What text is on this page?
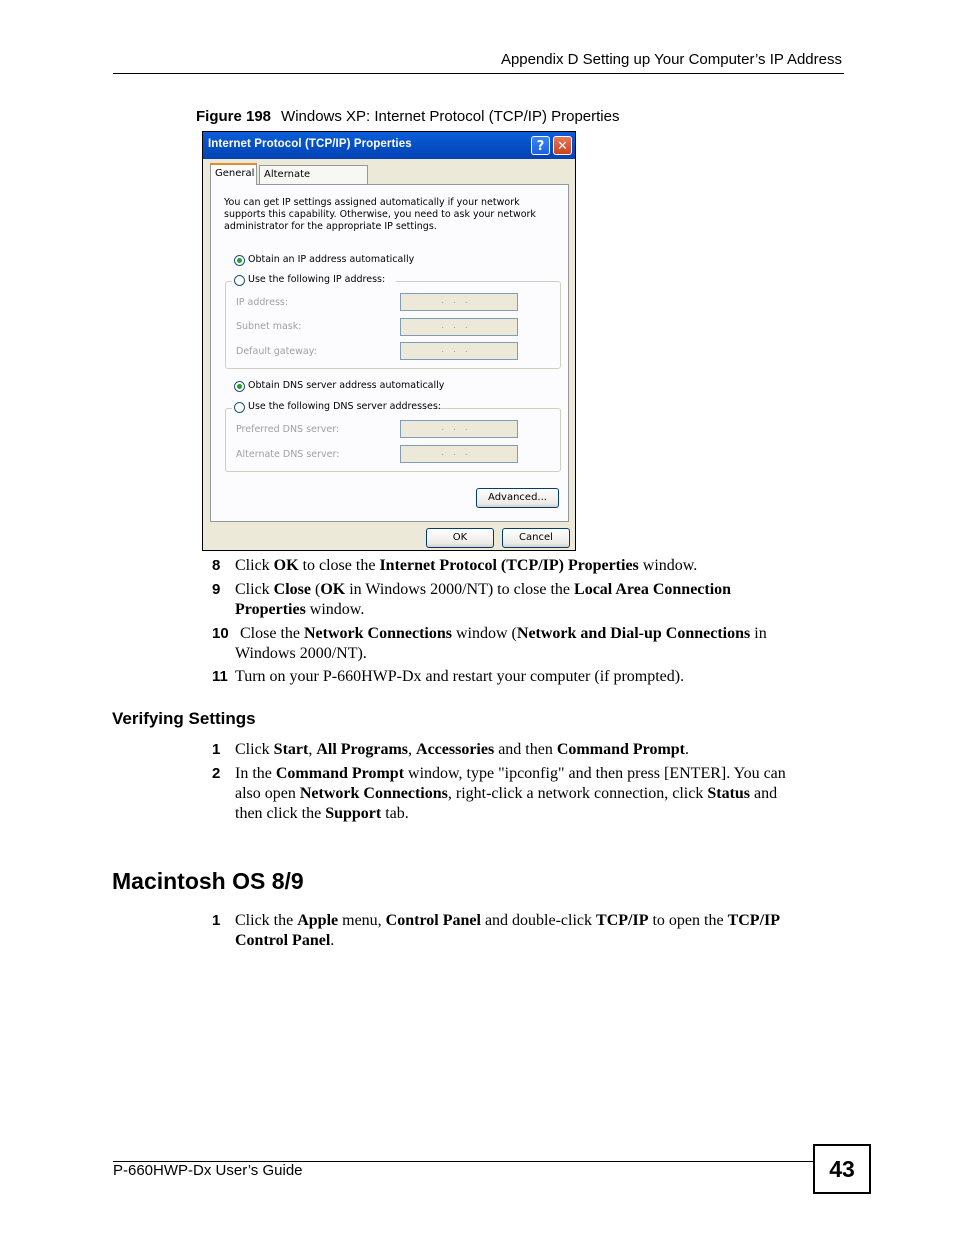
Appendix D Setting up Your Computer’s IP Address
Figure 198 Windows XP: Internet Protocol (TCP/IP) Properties
Internet Protocol (TCP/IP) Properties	? ✕
General Alternate
You can get IP settings assigned automatically if your network supports this capability. Otherwise, you need to ask your network administrator for the appropriate IP settings.
Obtain an IP address automatically
Use the following IP address:
IP address:	...
Subnet mask:	...
Default gateway:	...
Obtain DNS server address automatically
Use the following DNS server addresses:
Preferred DNS server:	...
Alternate DNS server:	...
Advanced...
OK	Cancel
8 Click OK to close the Internet Protocol (TCP/IP) Properties window.
9 Click Close (OK in Windows 2000/NT) to close the Local Area Connection
Properties window.
10 Close the Network Connections window (Network and Dial-up Connections in
Windows 2000/NT).
11 Turn on your P-660HWP-Dx and restart your computer (if prompted).
Verifying Settings
1 Click Start, All Programs, Accessories and then Command Prompt.
2 In the Command Prompt window, type "ipconfig" and then press [ENTER]. You can
also open Network Connections, right-click a network connection, click Status and
then click the Support tab.
Macintosh OS 8/9
1 Click the Apple menu, Control Panel and double-click TCP/IP to open the TCP/IP
Control Panel.
P-660HWP-Dx User’s Guide	43
